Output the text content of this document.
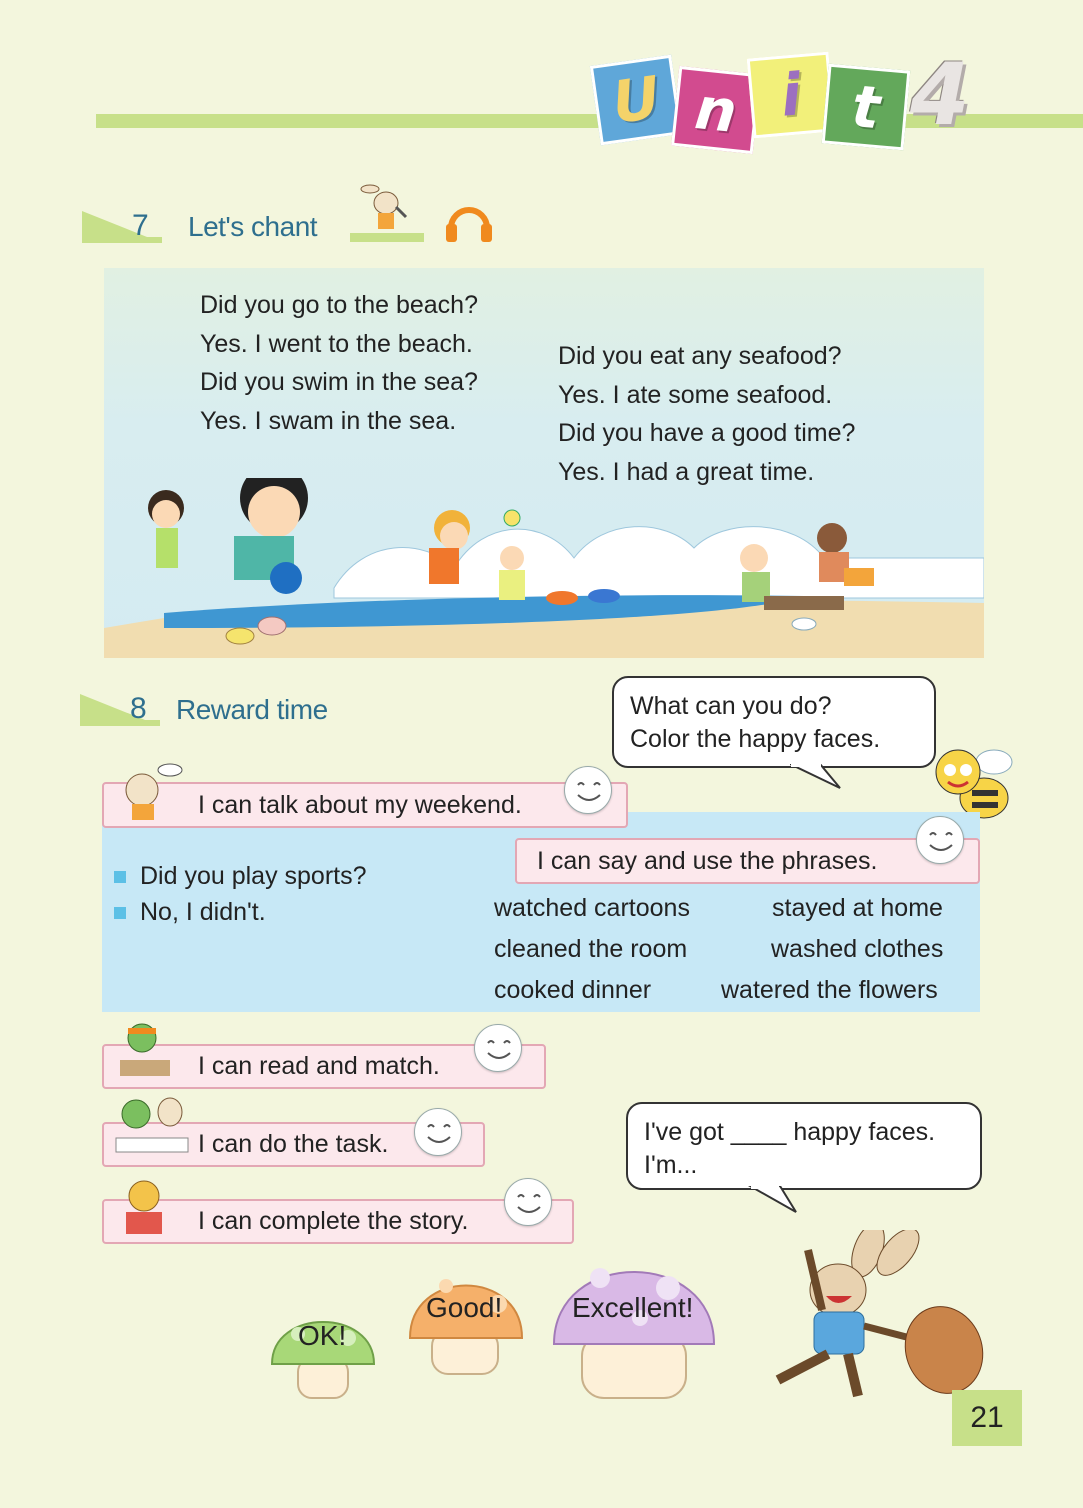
U n i t 4
7 Let's chant
Did you go to the beach?
Yes. I went to the beach.
Did you swim in the sea?
Yes. I swam in the sea.
Did you eat any seafood?
Yes. I ate some seafood.
Did you have a good time?
Yes. I had a great time.
8 Reward time	What can you do?
Color the happy faces.
I can talk about my weekend.
I can say and use the phrases.
Did you play sports?
No, I didn't.	watched cartoons	stayed at home
cleaned the room	washed clothes
cooked dinner	watered the flowers
I can read and match.
I can do the task.
I can complete the story.
I've got ____ happy faces.
I'm...
OK!
Good! Excellent!
21
